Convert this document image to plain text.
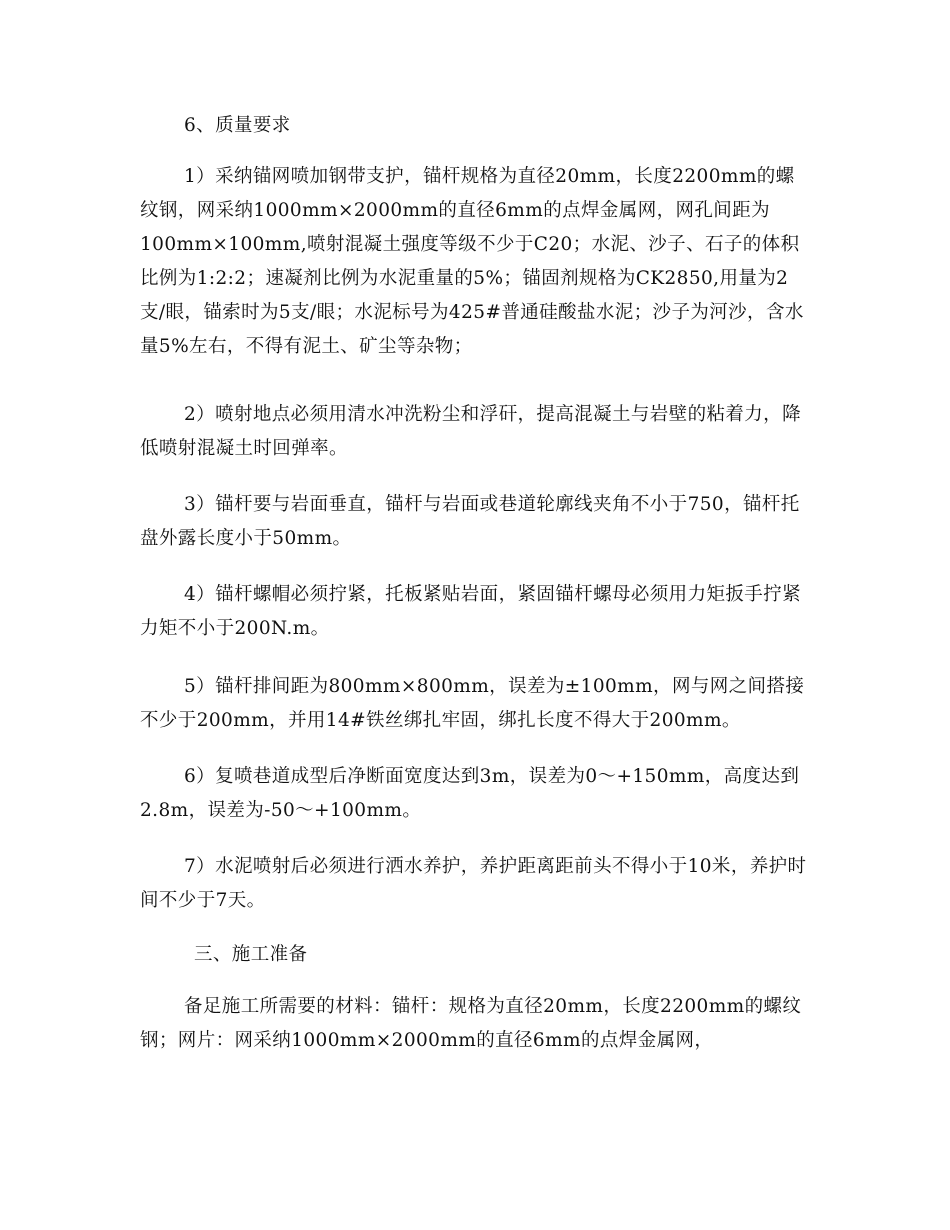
6、质量要求

1）采纳锚网喷加钢带支护，锚杆规格为直径20mm，长度2200mm的螺纹钢，网采纳1000mm×2000mm的直径6mm的点焊金属网，网孔间距为100mm×100mm,喷射混凝土强度等级不少于C20；水泥、沙子、石子的体积比例为1:2:2；速凝剂比例为水泥重量的5%；锚固剂规格为CK2850,用量为2支/眼，锚索时为5支/眼；水泥标号为425#普通硅酸盐水泥；沙子为河沙，含水量5%左右，不得有泥土、矿尘等杂物；

2）喷射地点必须用清水冲洗粉尘和浮矸，提高混凝土与岩壁的粘着力，降低喷射混凝土时回弹率。

3）锚杆要与岩面垂直，锚杆与岩面或巷道轮廓线夹角不小于750，锚杆托盘外露长度小于50mm。

4）锚杆螺帽必须拧紧，托板紧贴岩面，紧固锚杆螺母必须用力矩扳手拧紧力矩不小于200N.m。

5）锚杆排间距为800mm×800mm，误差为±100mm，网与网之间搭接不少于200mm，并用14#铁丝绑扎牢固，绑扎长度不得大于200mm。

6）复喷巷道成型后净断面宽度达到3m，误差为0～+150mm，高度达到2.8m，误差为-50～+100mm。

7）水泥喷射后必须进行洒水养护，养护距离距前头不得小于10米，养护时间不少于7天。

三、施工准备

备足施工所需要的材料：锚杆：规格为直径20mm，长度2200mm的螺纹钢；网片：网采纳1000mm×2000mm的直径6mm的点焊金属网，
